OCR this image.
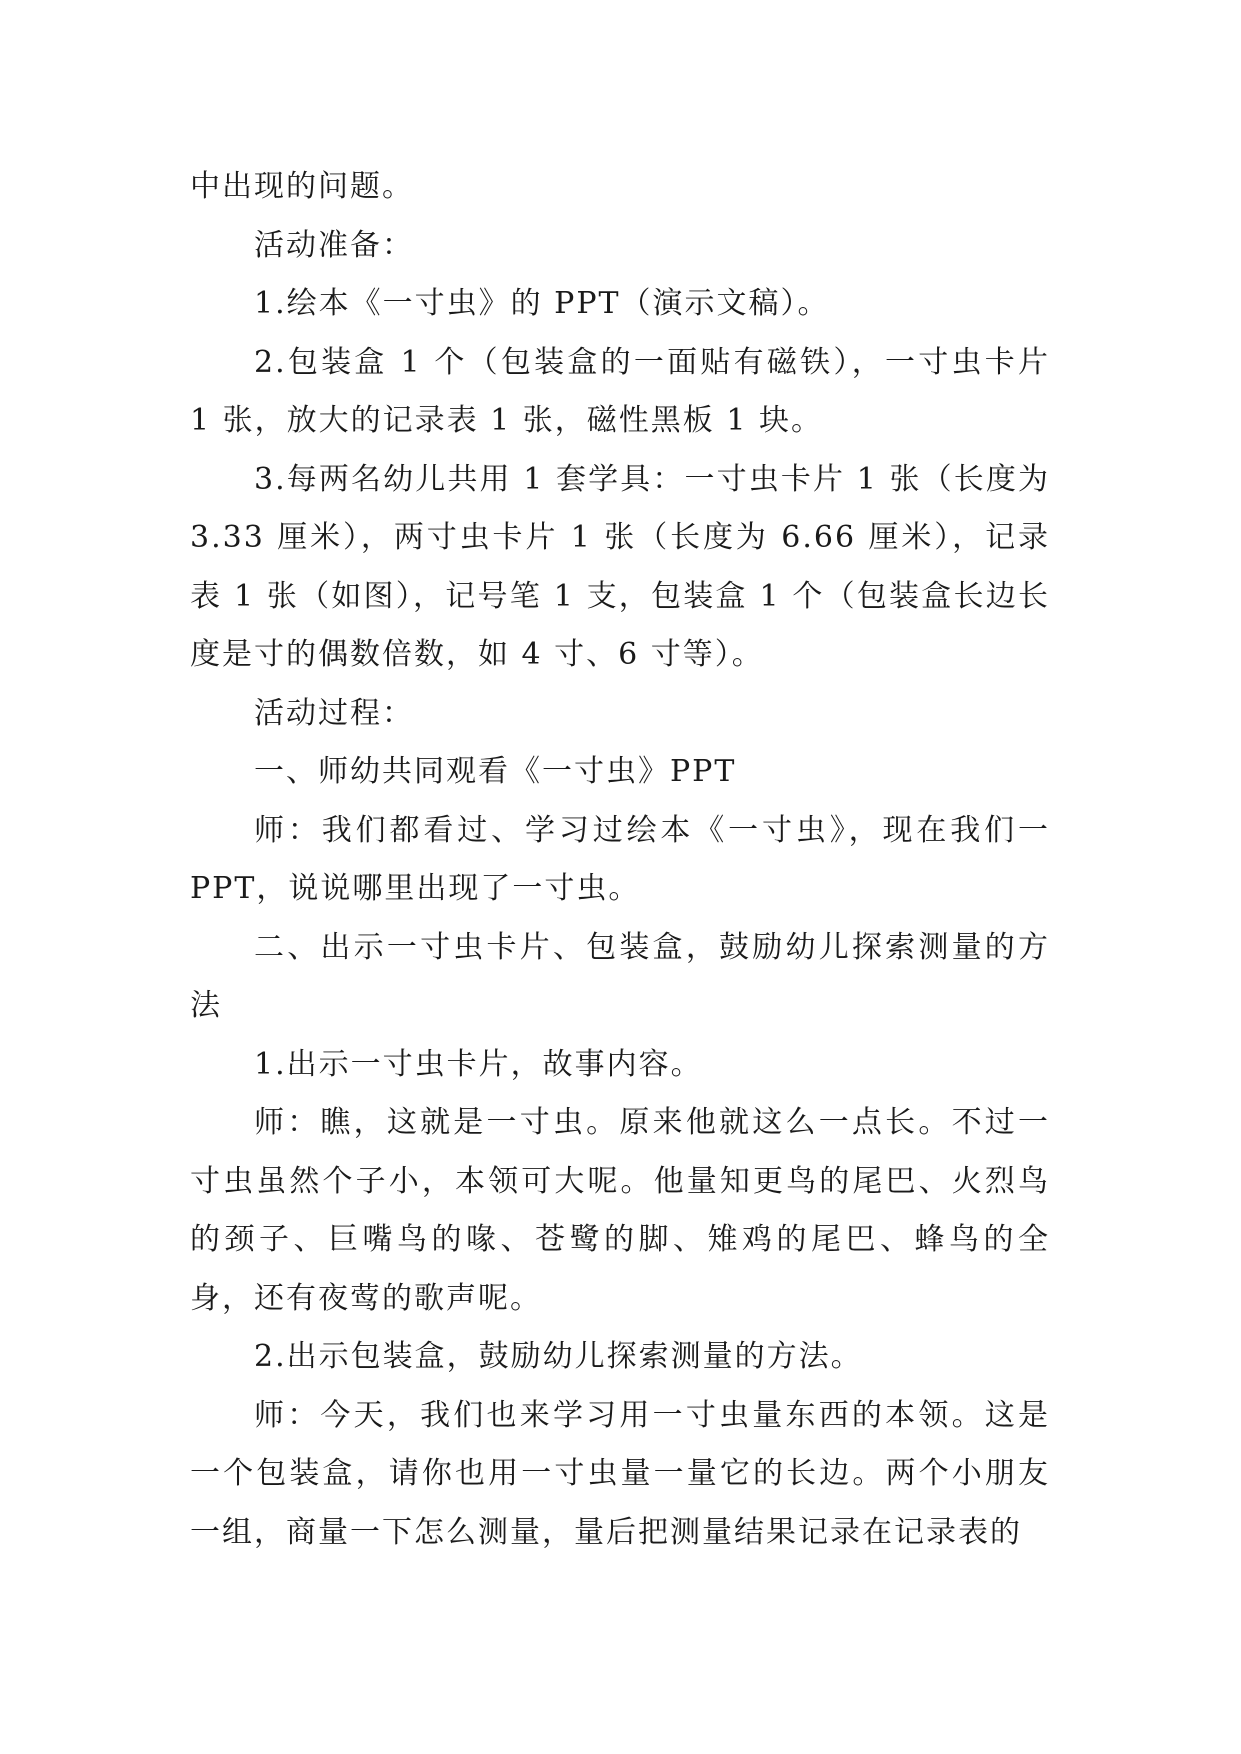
中出现的问题。

活动准备：

1.绘本《一寸虫》的 PPT（演示文稿）。

2.包装盒 1 个（包装盒的一面贴有磁铁），一寸虫卡片 1 张，放大的记录表 1 张，磁性黑板 1 块。

3.每两名幼儿共用 1 套学具：一寸虫卡片 1 张（长度为 3.33 厘米），两寸虫卡片 1 张（长度为 6.66 厘米），记录表 1 张（如图），记号笔 1 支，包装盒 1 个（包装盒长边长度是寸的偶数倍数，如 4 寸、6 寸等）。

活动过程：

一、师幼共同观看《一寸虫》PPT

师：我们都看过、学习过绘本《一寸虫》，现在我们一 PPT，说说哪里出现了一寸虫。

二、出示一寸虫卡片、包装盒，鼓励幼儿探索测量的方法

1.出示一寸虫卡片，故事内容。

师：瞧，这就是一寸虫。原来他就这么一点长。不过一寸虫虽然个子小，本领可大呢。他量知更鸟的尾巴、火烈鸟的颈子、巨嘴鸟的喙、苍鹭的脚、雉鸡的尾巴、蜂鸟的全身，还有夜莺的歌声呢。

2.出示包装盒，鼓励幼儿探索测量的方法。

师：今天，我们也来学习用一寸虫量东西的本领。这是一个包装盒，请你也用一寸虫量一量它的长边。两个小朋友一组，商量一下怎么测量，量后把测量结果记录在记录表的
